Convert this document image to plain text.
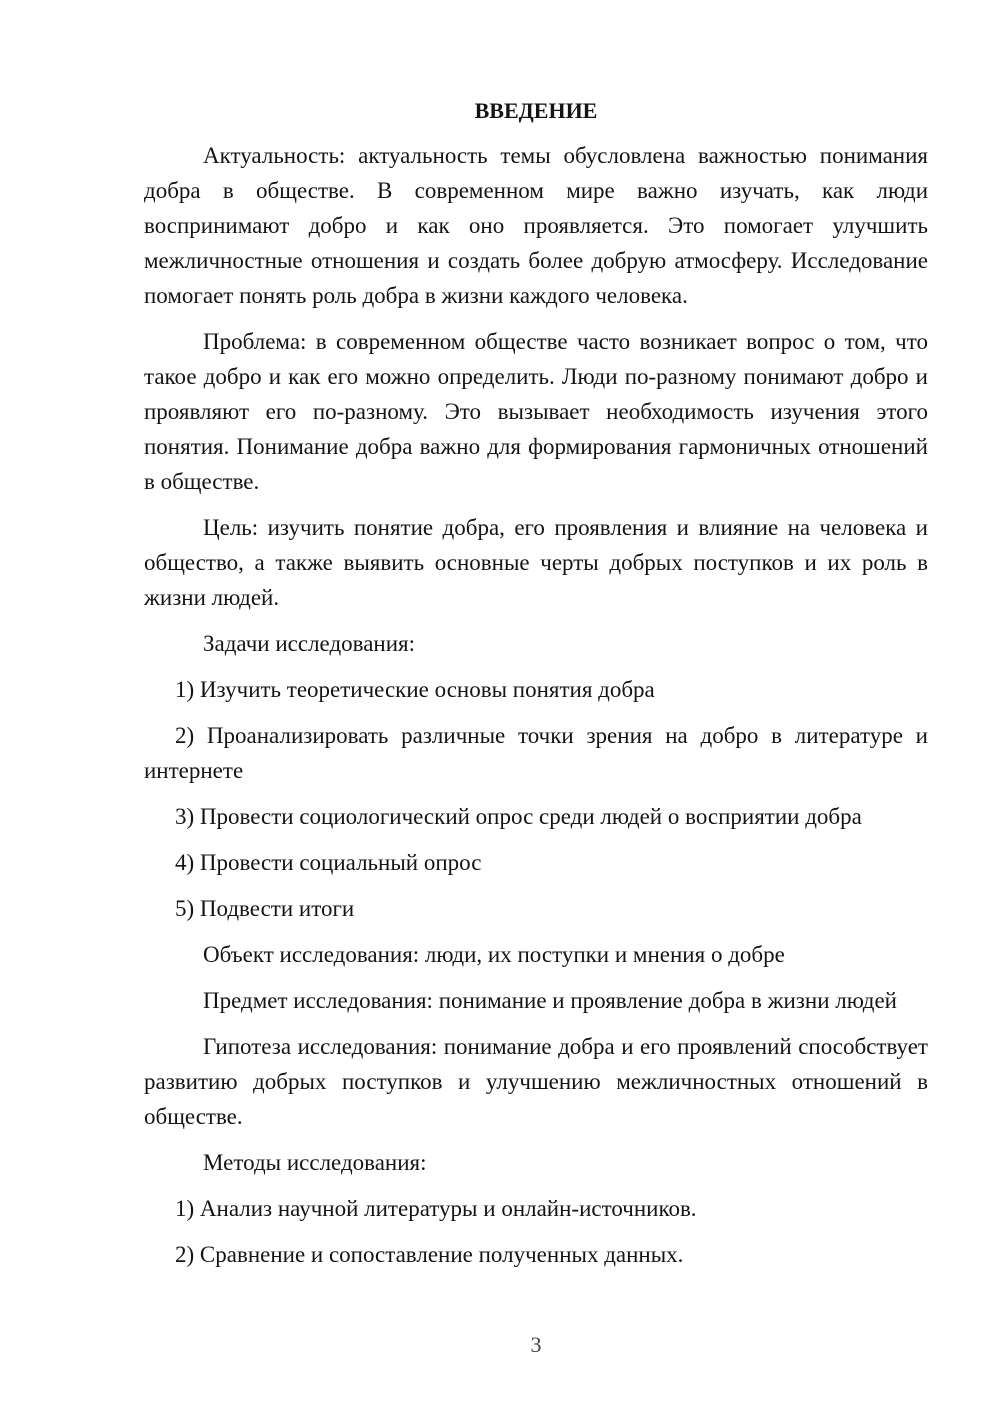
ВВЕДЕНИЕ

Актуальность: актуальность темы обусловлена важностью понимания добра в обществе. В современном мире важно изучать, как люди воспринимают добро и как оно проявляется. Это помогает улучшить межличностные отношения и создать более добрую атмосферу. Исследование помогает понять роль добра в жизни каждого человека.

Проблема: в современном обществе часто возникает вопрос о том, что такое добро и как его можно определить. Люди по-разному понимают добро и проявляют его по-разному. Это вызывает необходимость изучения этого понятия. Понимание добра важно для формирования гармоничных отношений в обществе.

Цель: изучить понятие добра, его проявления и влияние на человека и общество, а также выявить основные черты добрых поступков и их роль в жизни людей.

Задачи исследования:

1) Изучить теоретические основы понятия добра

2) Проанализировать различные точки зрения на добро в литературе и интернете

3) Провести социологический опрос среди людей о восприятии добра

4) Провести социальный опрос

5) Подвести итоги

Объект исследования: люди, их поступки и мнения о добре

Предмет исследования: понимание и проявление добра в жизни людей

Гипотеза исследования: понимание добра и его проявлений способствует развитию добрых поступков и улучшению межличностных отношений в обществе.

Методы исследования:

1) Анализ научной литературы и онлайн-источников.

2) Сравнение и сопоставление полученных данных.

3
